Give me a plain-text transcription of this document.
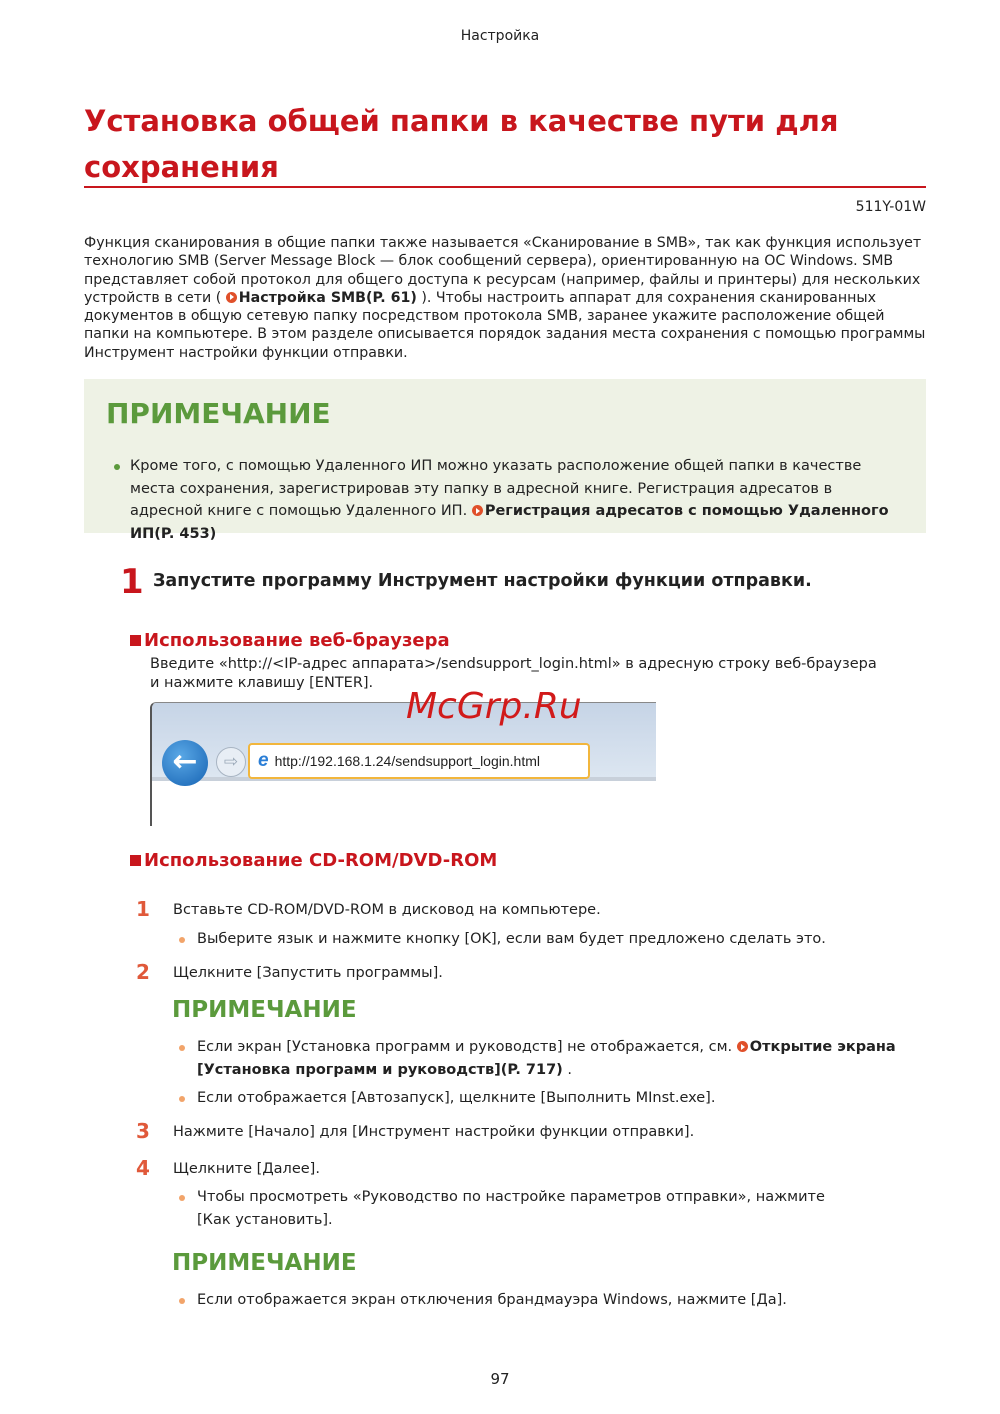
Настройка
Установка общей папки в качестве пути для сохранения
511Y-01W
Функция сканирования в общие папки также называется «Сканирование в SMB», так как функция использует технологию SMB (Server Message Block — блок сообщений сервера), ориентированную на ОС Windows. SMB представляет собой протокол для общего доступа к ресурсам (например, файлы и принтеры) для нескольких устройств в сети ( Настройка SMB(P. 61) ). Чтобы настроить аппарат для сохранения сканированных документов в общую сетевую папку посредством протокола SMB, заранее укажите расположение общей папки на компьютере. В этом разделе описывается порядок задания места сохранения с помощью программы Инструмент настройки функции отправки.
ПРИМЕЧАНИЕ
Кроме того, с помощью Удаленного ИП можно указать расположение общей папки в качестве места сохранения, зарегистрировав эту папку в адресной книге. Регистрация адресатов в адресной книге с помощью Удаленного ИП. Регистрация адресатов с помощью Удаленного ИП(P. 453)
1 Запустите программу Инструмент настройки функции отправки.
Использование веб-браузера
Введите «http://<IP-адрес аппарата>/sendsupport_login.html» в адресную строку веб-браузера и нажмите клавишу [ENTER].
←	⇨	e http://192.168.1.24/sendsupport_login.html
McGrp.Ru
Использование CD-ROM/DVD-ROM
1 Вставьте CD-ROM/DVD-ROM в дисковод на компьютере.
Выберите язык и нажмите кнопку [OK], если вам будет предложено сделать это.
2 Щелкните [Запустить программы].
ПРИМЕЧАНИЕ
Если экран [Установка программ и руководств] не отображается, см. Открытие экрана [Установка программ и руководств](P. 717) .
Если отображается [Автозапуск], щелкните [Выполнить MInst.exe].
3 Нажмите [Начало] для [Инструмент настройки функции отправки].
4 Щелкните [Далее].
Чтобы просмотреть «Руководство по настройке параметров отправки», нажмите [Как установить].
ПРИМЕЧАНИЕ
Если отображается экран отключения брандмауэра Windows, нажмите [Да].
97
